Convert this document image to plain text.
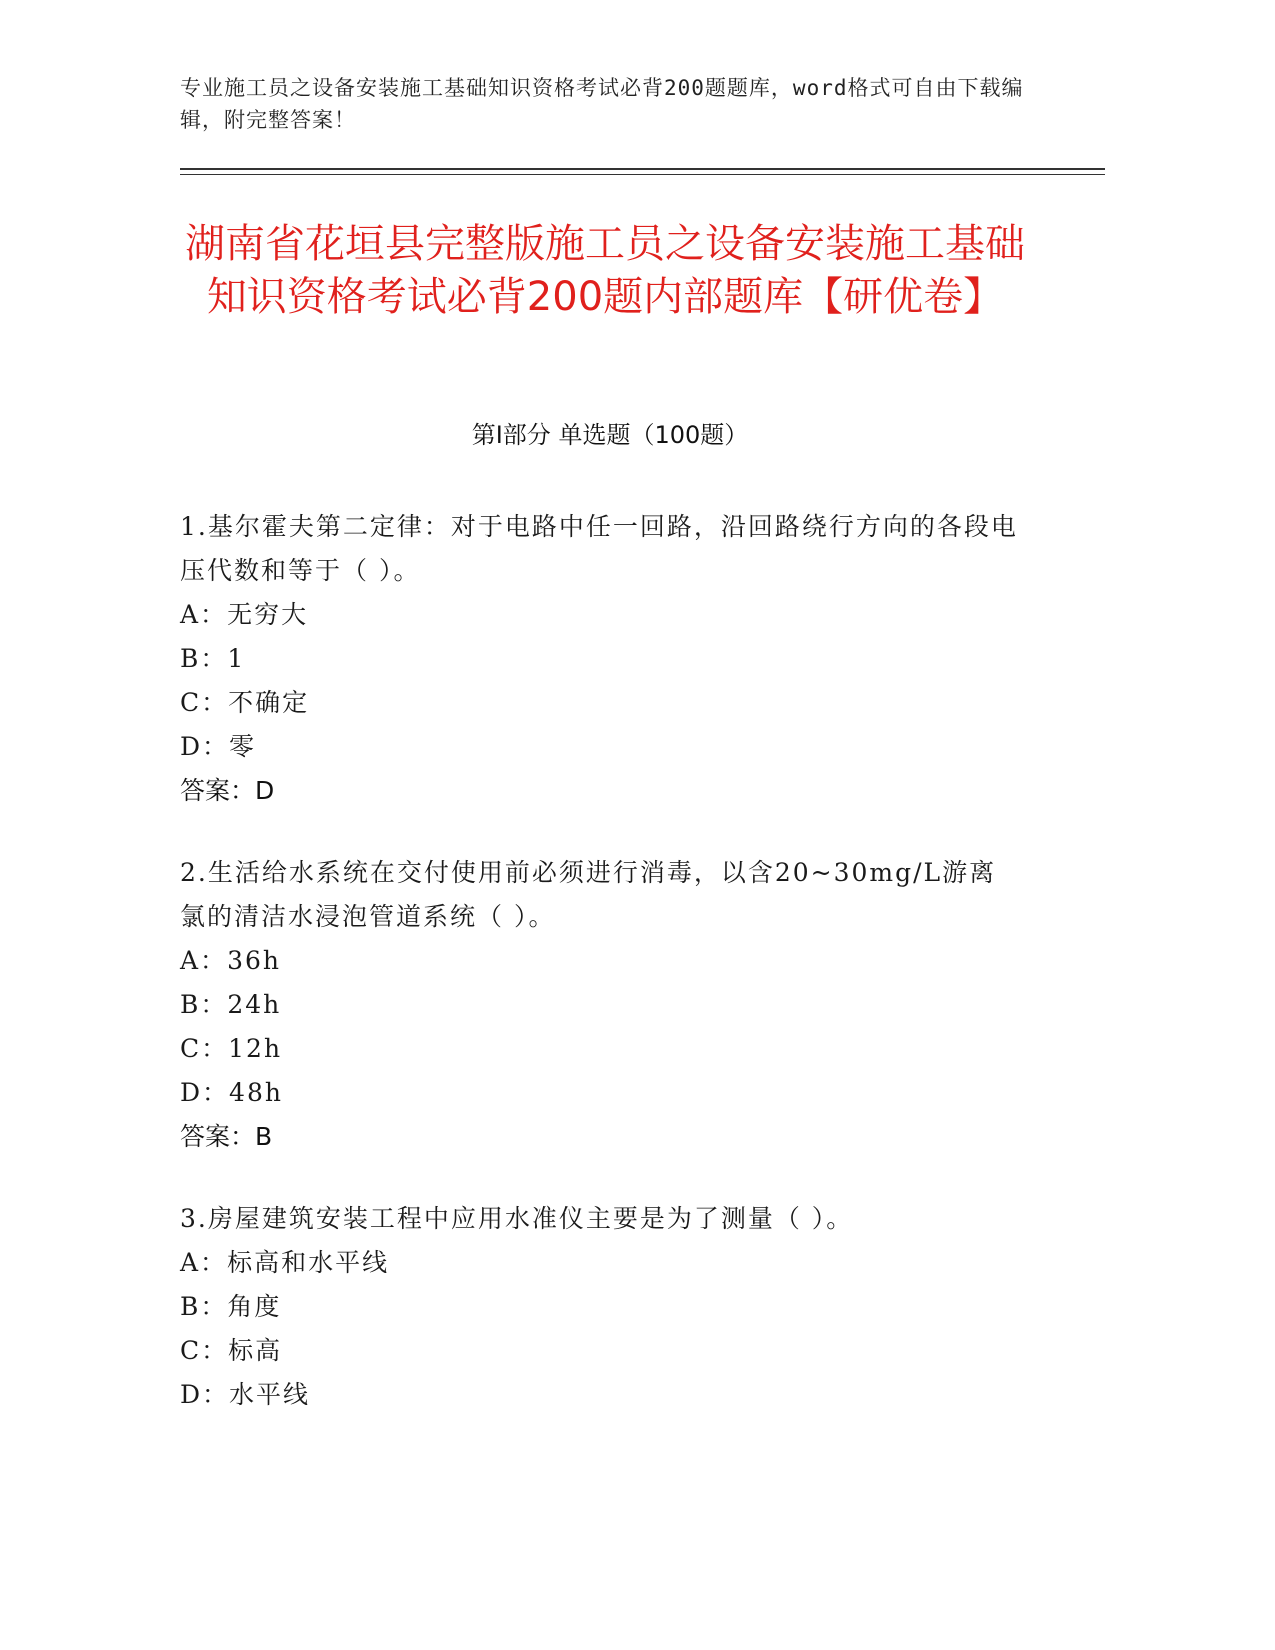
专业施工员之设备安装施工基础知识资格考试必背200题题库，word格式可自由下载编辑，附完整答案！
湖南省花垣县完整版施工员之设备安装施工基础知识资格考试必背200题内部题库【研优卷】
第I部分 单选题（100题）
1.基尔霍夫第二定律：对于电路中任一回路，沿回路绕行方向的各段电压代数和等于（ ）。
A： 无穷大
B： 1
C： 不确定
D： 零
答案：D
2.生活给水系统在交付使用前必须进行消毒，以含20~30mg/L游离氯的清洁水浸泡管道系统（ ）。
A： 36h
B： 24h
C： 12h
D： 48h
答案：B
3.房屋建筑安装工程中应用水准仪主要是为了测量（ ）。
A： 标高和水平线
B： 角度
C： 标高
D： 水平线
